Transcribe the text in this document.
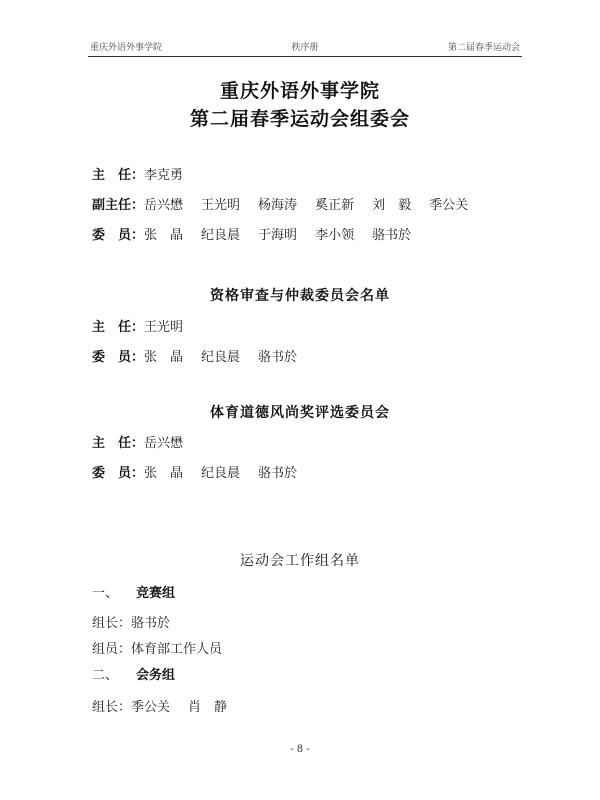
重庆外语外事学院	秩序册	第二届春季运动会
重庆外语外事学院
第二届春季运动会组委会
主　任：李克勇
副主任：岳兴懋 王光明 杨海涛 奚正新 刘　毅 季公关
委　员：张　晶 纪良晨 于海明 李小领 骆书於
资格审查与仲裁委员会名单
主　任：王光明
委　员：张　晶 纪良晨 骆书於
体育道德风尚奖评选委员会
主　任：岳兴懋
委　员：张　晶 纪良晨 骆书於
运动会工作组名单
一、 竞赛组
组长：骆书於
组员：体育部工作人员
二、 会务组
组长：季公关 肖　静
- 8 -
